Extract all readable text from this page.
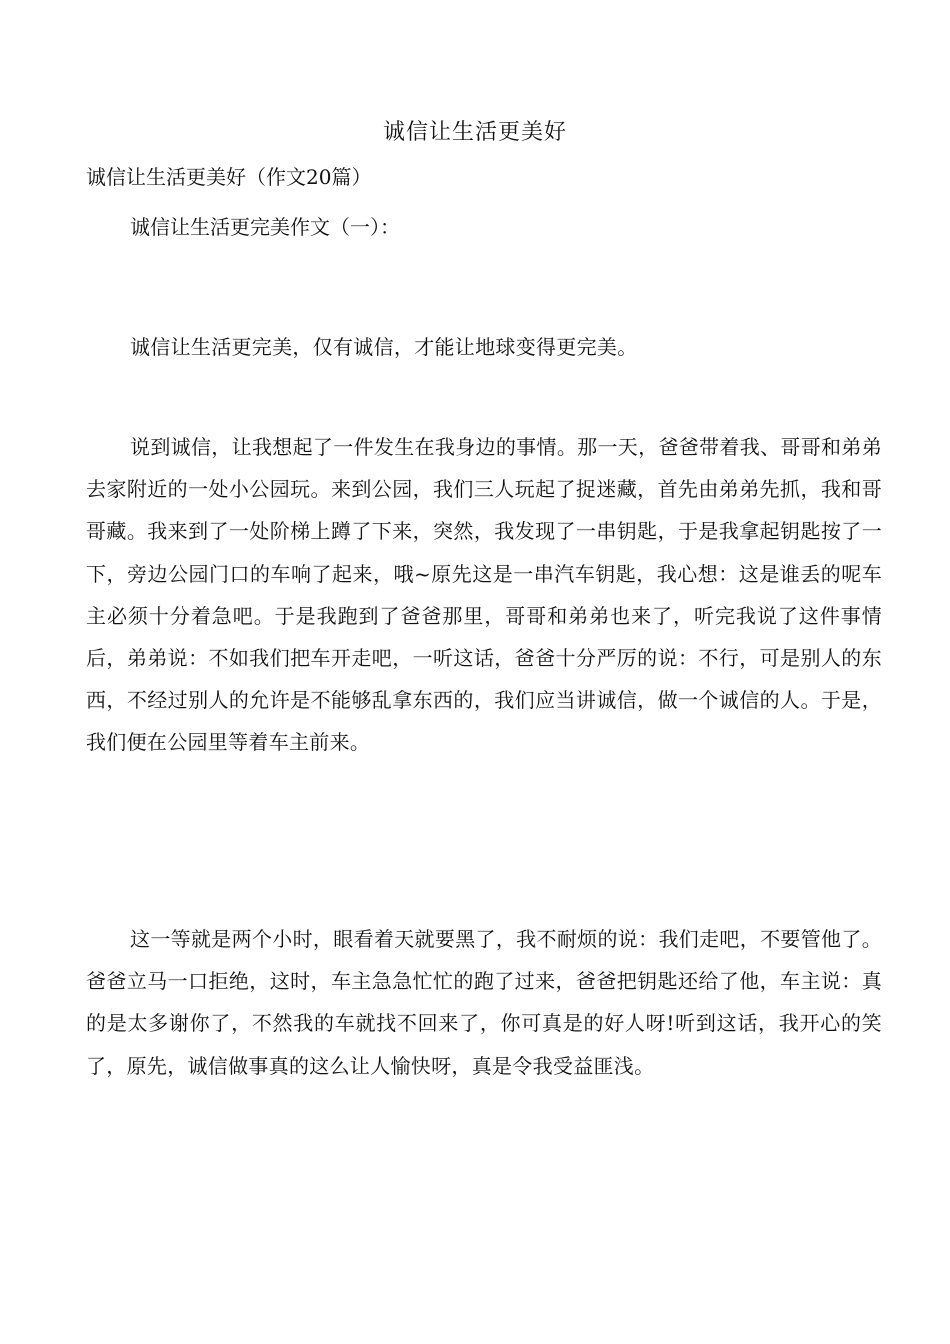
诚信让生活更美好
诚信让生活更美好（作文20篇）
诚信让生活更完美作文（一）：

诚信让生活更完美，仅有诚信，才能让地球变得更完美。

说到诚信，让我想起了一件发生在我身边的事情。那一天，爸爸带着我、哥哥和弟弟去家附近的一处小公园玩。来到公园，我们三人玩起了捉迷藏，首先由弟弟先抓，我和哥哥藏。我来到了一处阶梯上蹲了下来，突然，我发现了一串钥匙，于是我拿起钥匙按了一下，旁边公园门口的车响了起来，哦~原先这是一串汽车钥匙，我心想：这是谁丢的呢车主必须十分着急吧。于是我跑到了爸爸那里，哥哥和弟弟也来了，听完我说了这件事情后，弟弟说：不如我们把车开走吧，一听这话，爸爸十分严厉的说：不行，可是别人的东西，不经过别人的允许是不能够乱拿东西的，我们应当讲诚信，做一个诚信的人。于是，我们便在公园里等着车主前来。

这一等就是两个小时，眼看着天就要黑了，我不耐烦的说：我们走吧，不要管他了。爸爸立马一口拒绝，这时，车主急急忙忙的跑了过来，爸爸把钥匙还给了他，车主说：真的是太多谢你了，不然我的车就找不回来了，你可真是的好人呀!听到这话，我开心的笑了，原先，诚信做事真的这么让人愉快呀，真是令我受益匪浅。
